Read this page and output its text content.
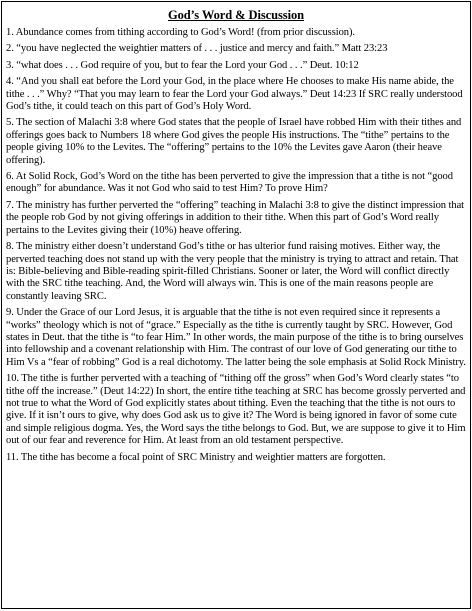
God’s Word & Discussion
1. Abundance comes from tithing according to God’s Word! (from prior discussion).
2. “you have neglected the weightier matters of . . . justice and mercy and faith.” Matt 23:23
3. “what does . . . God require of you, but to fear the Lord your God . . .” Deut. 10:12
4. “And you shall eat before the Lord your God, in the place where He chooses to make His name abide, the tithe . . .” Why? “That you may learn to fear the Lord your God always.” Deut 14:23 If SRC really understood God’s tithe, it could teach on this part of God’s Holy Word.
5. The section of Malachi 3:8 where God states that the people of Israel have robbed Him with their tithes and offerings goes back to Numbers 18 where God gives the people His instructions. The “tithe” pertains to the people giving 10% to the Levites. The “offering” pertains to the 10% the Levites gave Aaron (their heave offering).
6. At Solid Rock, God’s Word on the tithe has been perverted to give the impression that a tithe is not “good enough” for abundance. Was it not God who said to test Him? To prove Him?
7. The ministry has further perverted the “offering” teaching in Malachi 3:8 to give the distinct impression that the people rob God by not giving offerings in addition to their tithe. When this part of God’s Word really pertains to the Levites giving their (10%) heave offering.
8. The ministry either doesn’t understand God’s tithe or has ulterior fund raising motives. Either way, the perverted teaching does not stand up with the very people that the ministry is trying to attract and retain. That is: Bible-believing and Bible-reading spirit-filled Christians. Sooner or later, the Word will conflict directly with the SRC tithe teaching. And, the Word will always win. This is one of the main reasons people are constantly leaving SRC.
9. Under the Grace of our Lord Jesus, it is arguable that the tithe is not even required since it represents a “works” theology which is not of “grace.” Especially as the tithe is currently taught by SRC. However, God states in Deut. that the tithe is “to fear Him.” In other words, the main purpose of the tithe is to bring ourselves into fellowship and a covenant relationship with Him. The contrast of our love of God generating our tithe to Him Vs a “fear of robbing” God is a real dichotomy. The latter being the sole emphasis at Solid Rock Ministry.
10. The tithe is further perverted with a teaching of “tithing off the gross” when God’s Word clearly states “to tithe off the increase.” (Deut 14:22) In short, the entire tithe teaching at SRC has become grossly perverted and not true to what the Word of God explicitly states about tithing. Even the teaching that the tithe is not ours to give. If it isn’t ours to give, why does God ask us to give it? The Word is being ignored in favor of some cute and simple religious dogma. Yes, the Word says the tithe belongs to God. But, we are suppose to give it to Him out of our fear and reverence for Him. At least from an old testament perspective.
11. The tithe has become a focal point of SRC Ministry and weightier matters are forgotten.
